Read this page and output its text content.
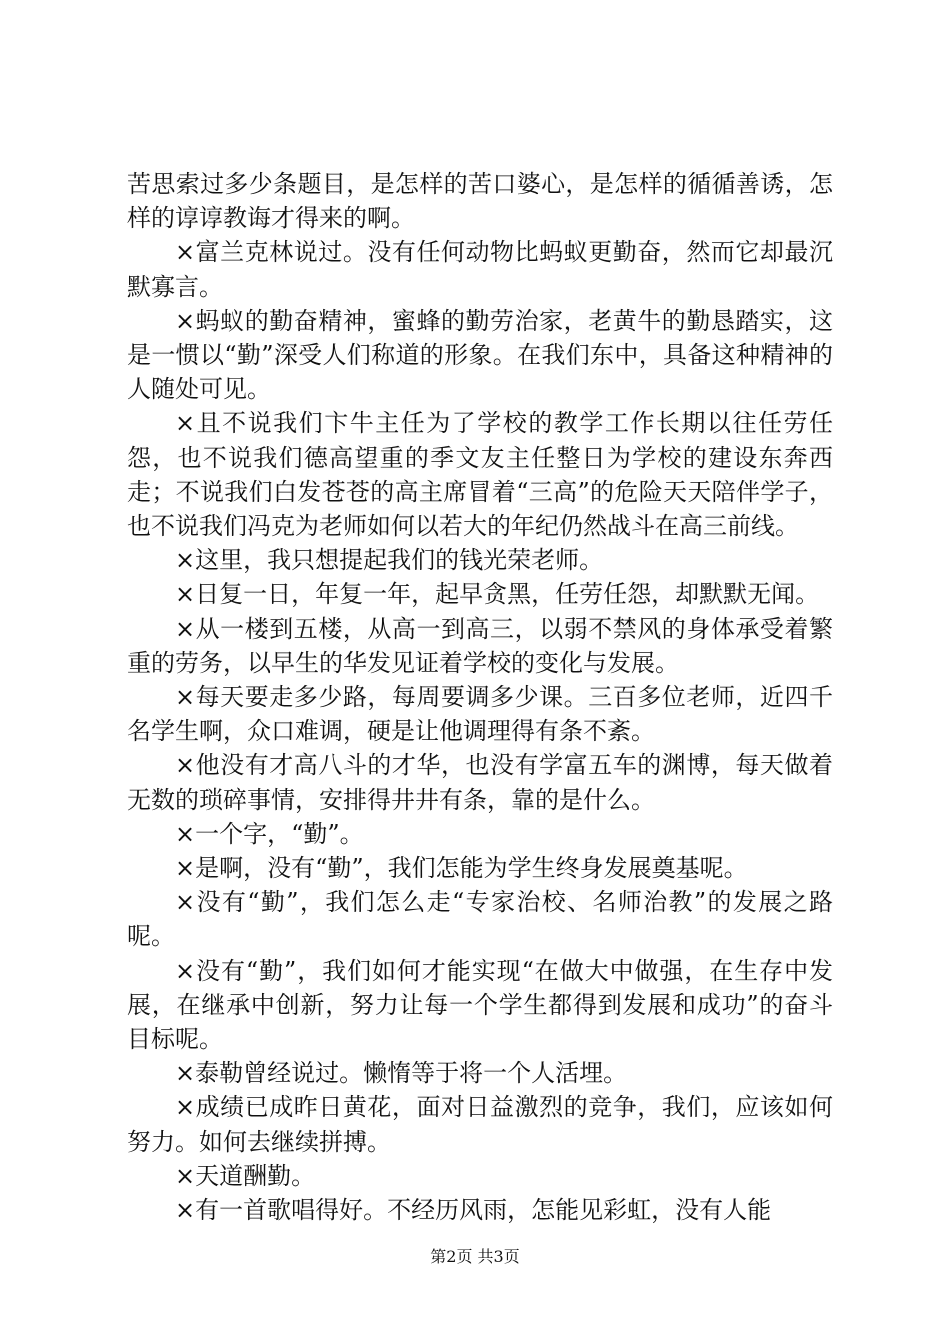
苦思索过多少条题目，是怎样的苦口婆心，是怎样的循循善诱，怎样的谆谆教诲才得来的啊。

×富兰克林说过。没有任何动物比蚂蚁更勤奋，然而它却最沉默寡言。

×蚂蚁的勤奋精神，蜜蜂的勤劳治家，老黄牛的勤恳踏实，这是一惯以“勤”深受人们称道的形象。在我们东中，具备这种精神的人随处可见。

×且不说我们卞牛主任为了学校的教学工作长期以往任劳任怨，也不说我们德高望重的季文友主任整日为学校的建设东奔西走；不说我们白发苍苍的高主席冒着“三高”的危险天天陪伴学子，也不说我们冯克为老师如何以若大的年纪仍然战斗在高三前线。

×这里，我只想提起我们的钱光荣老师。

×日复一日，年复一年，起早贪黑，任劳任怨，却默默无闻。

×从一楼到五楼，从高一到高三，以弱不禁风的身体承受着繁重的劳务，以早生的华发见证着学校的变化与发展。

×每天要走多少路，每周要调多少课。三百多位老师，近四千名学生啊，众口难调，硬是让他调理得有条不紊。

×他没有才高八斗的才华，也没有学富五车的渊博，每天做着无数的琐碎事情，安排得井井有条，靠的是什么。

×一个字，“勤”。

×是啊，没有“勤”，我们怎能为学生终身发展奠基呢。

×没有“勤”，我们怎么走“专家治校、名师治教”的发展之路呢。

×没有“勤”，我们如何才能实现“在做大中做强，在生存中发展，在继承中创新，努力让每一个学生都得到发展和成功”的奋斗目标呢。

×泰勒曾经说过。懒惰等于将一个人活埋。

×成绩已成昨日黄花，面对日益激烈的竞争，我们，应该如何努力。如何去继续拼搏。

×天道酬勤。

×有一首歌唱得好。不经历风雨，怎能见彩虹，没有人能

第2页 共3页
